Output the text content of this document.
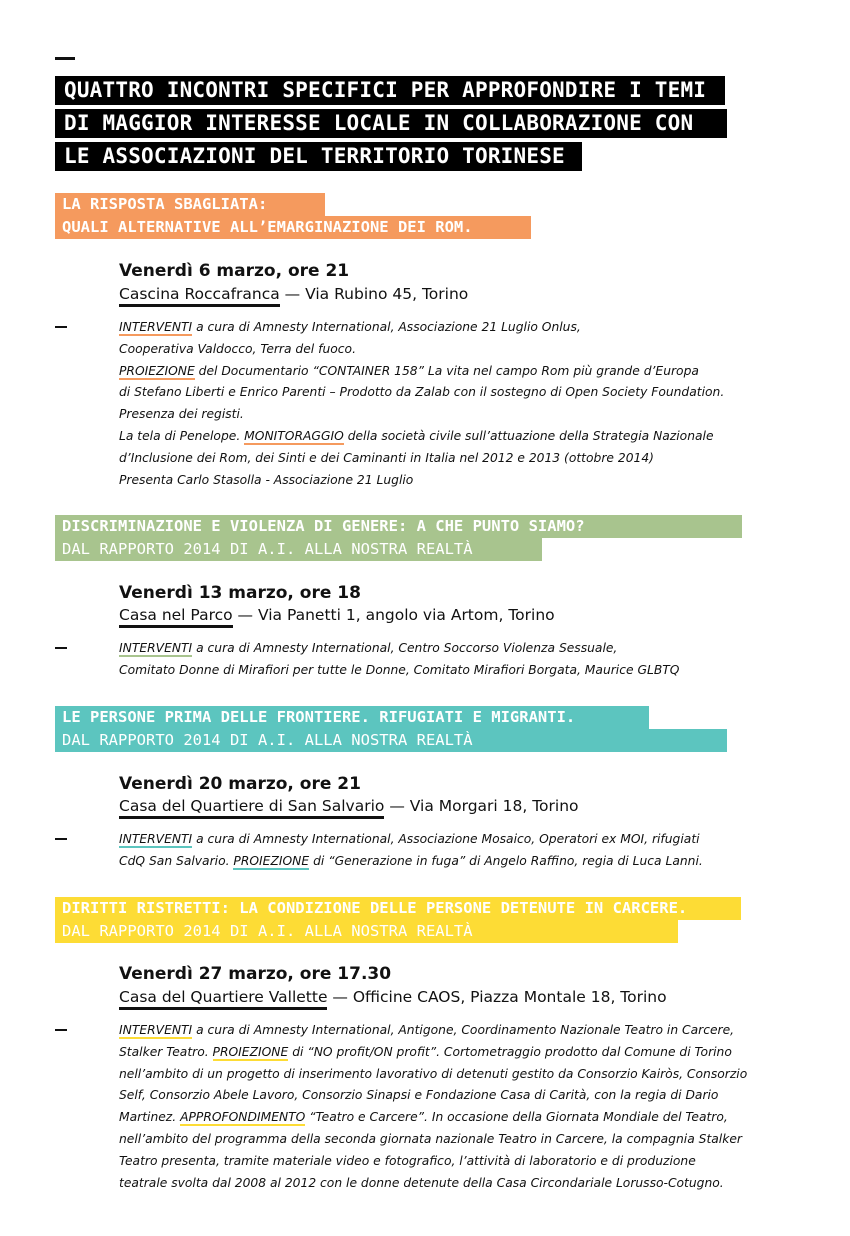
QUATTRO INCONTRI SPECIFICI PER APPROFONDIRE I TEMI
DI MAGGIOR INTERESSE LOCALE IN COLLABORAZIONE CON
LE ASSOCIAZIONI DEL TERRITORIO TORINESE
LA RISPOSTA SBAGLIATA:
QUALI ALTERNATIVE ALL’EMARGINAZIONE DEI ROM.
Venerdì 6 marzo, ore 21
Cascina Roccafranca — Via Rubino 45, Torino
INTERVENTI a cura di Amnesty International, Associazione 21 Luglio Onlus,
Cooperativa Valdocco, Terra del fuoco.
PROIEZIONE del Documentario “CONTAINER 158” La vita nel campo Rom più grande d’Europa
di Stefano Liberti e Enrico Parenti – Prodotto da Zalab con il sostegno di Open Society Foundation.
Presenza dei registi.
La tela di Penelope. MONITORAGGIO della società civile sull’attuazione della Strategia Nazionale
d’Inclusione dei Rom, dei Sinti e dei Caminanti in Italia nel 2012 e 2013 (ottobre 2014)
Presenta Carlo Stasolla - Associazione 21 Luglio
DISCRIMINAZIONE E VIOLENZA DI GENERE: A CHE PUNTO SIAMO?
DAL RAPPORTO 2014 DI A.I. ALLA NOSTRA REALTÀ
Venerdì 13 marzo, ore 18
Casa nel Parco — Via Panetti 1, angolo via Artom, Torino
INTERVENTI a cura di Amnesty International, Centro Soccorso Violenza Sessuale,
Comitato Donne di Mirafiori per tutte le Donne, Comitato Mirafiori Borgata, Maurice GLBTQ
LE PERSONE PRIMA DELLE FRONTIERE. RIFUGIATI E MIGRANTI.
DAL RAPPORTO 2014 DI A.I. ALLA NOSTRA REALTÀ
Venerdì 20 marzo, ore 21
Casa del Quartiere di San Salvario — Via Morgari 18, Torino
INTERVENTI a cura di Amnesty International, Associazione Mosaico, Operatori ex MOI, rifugiati
CdQ San Salvario. PROIEZIONE di “Generazione in fuga” di Angelo Raffino, regia di Luca Lanni.
DIRITTI RISTRETTI: LA CONDIZIONE DELLE PERSONE DETENUTE IN CARCERE.
DAL RAPPORTO 2014 DI A.I. ALLA NOSTRA REALTÀ
Venerdì 27 marzo, ore 17.30
Casa del Quartiere Vallette — Officine CAOS, Piazza Montale 18, Torino
INTERVENTI a cura di Amnesty International, Antigone, Coordinamento Nazionale Teatro in Carcere,
Stalker Teatro. PROIEZIONE di “NO profit/ON profit”. Cortometraggio prodotto dal Comune di Torino
nell’ambito di un progetto di inserimento lavorativo di detenuti gestito da Consorzio Kairòs, Consorzio
Self, Consorzio Abele Lavoro, Consorzio Sinapsi e Fondazione Casa di Carità, con la regia di Dario
Martinez. APPROFONDIMENTO “Teatro e Carcere”. In occasione della Giornata Mondiale del Teatro,
nell’ambito del programma della seconda giornata nazionale Teatro in Carcere, la compagnia Stalker
Teatro presenta, tramite materiale video e fotografico, l’attività di laboratorio e di produzione
teatrale svolta dal 2008 al 2012 con le donne detenute della Casa Circondariale Lorusso-Cotugno.
